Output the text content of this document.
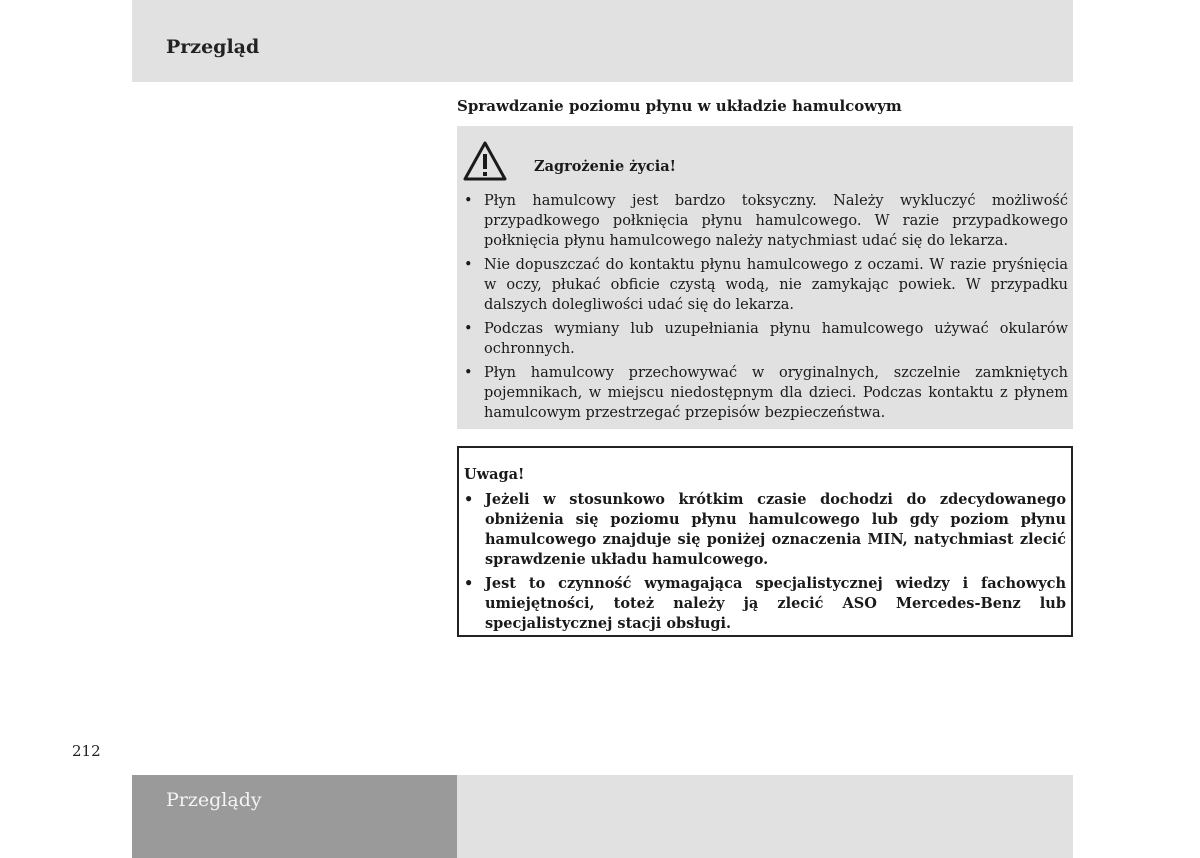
Przegląd
Sprawdzanie poziomu płynu w układzie hamulcowym
Zagrożenie życia!
• Płyn hamulcowy jest bardzo toksyczny. Należy wykluczyć możliwość przypadkowego połknięcia płynu hamulcowego. W razie przypadkowego połknięcia płynu hamulcowego należy natychmiast udać się do lekarza.
• Nie dopuszczać do kontaktu płynu hamulcowego z oczami. W razie pryśnięcia w oczy, płukać obficie czystą wodą, nie zamykając powiek. W przypadku dalszych dolegliwości udać się do lekarza.
• Podczas wymiany lub uzupełniania płynu hamulcowego używać okularów ochronnych.
• Płyn hamulcowy przechowywać w oryginalnych, szczelnie zamkniętych pojemnikach, w miejscu niedostępnym dla dzieci. Podczas kontaktu z płynem hamulcowym przestrzegać przepisów bezpieczeństwa.
Uwaga!
• Jeżeli w stosunkowo krótkim czasie dochodzi do zdecydowanego obniżenia się poziomu płynu hamulcowego lub gdy poziom płynu hamulcowego znajduje się poniżej oznaczenia MIN, natychmiast zlecić sprawdzenie układu hamulcowego.
• Jest to czynność wymagająca specjalistycznej wiedzy i fachowych umiejętności, toteż należy ją zlecić ASO Mercedes-Benz lub specjalistycznej stacji obsługi.
212
Przeglądy
